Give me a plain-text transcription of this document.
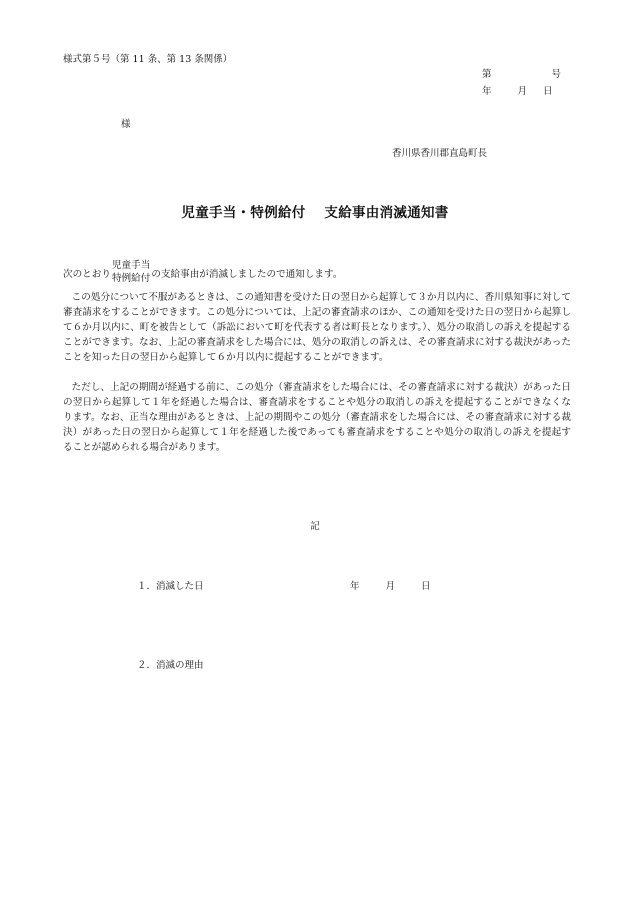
様式第５号（第 11 条、第 13 条関係）
第	号
年	月 日
様
香川県香川郡直島町長
児童手当・特例給付　 支給事由消滅通知書
次のとおり
児童手当
特例給付 の支給事由が消滅しましたので通知します。
この処分について不服があるときは、この通知書を受けた日の翌日から起算して３か月以内に、香川県知事に対して審査請求をすることができます。この処分については、上記の審査請求のほか、この通知を受けた日の翌日から起算して６か月以内に、町を被告として（訴訟において町を代表する者は町長となります。）、処分の取消しの訴えを提起することができます。なお、上記の審査請求をした場合には、処分の取消しの訴えは、その審査請求に対する裁決があったことを知った日の翌日から起算して６か月以内に提起することができます。
ただし、上記の期間が経過する前に、この処分（審査請求をした場合には、その審査請求に対する裁決）があった日の翌日から起算して１年を経過した場合は、審査請求をすることや処分の取消しの訴えを提起することができなくなります。なお、正当な理由があるときは、上記の期間やこの処分（審査請求をした場合には、その審査請求に対する裁決）があった日の翌日から起算して１年を経過した後であっても審査請求をすることや処分の取消しの訴えを提起することが認められる場合があります。
記
１．消滅した日	年	月	日
２．消滅の理由
